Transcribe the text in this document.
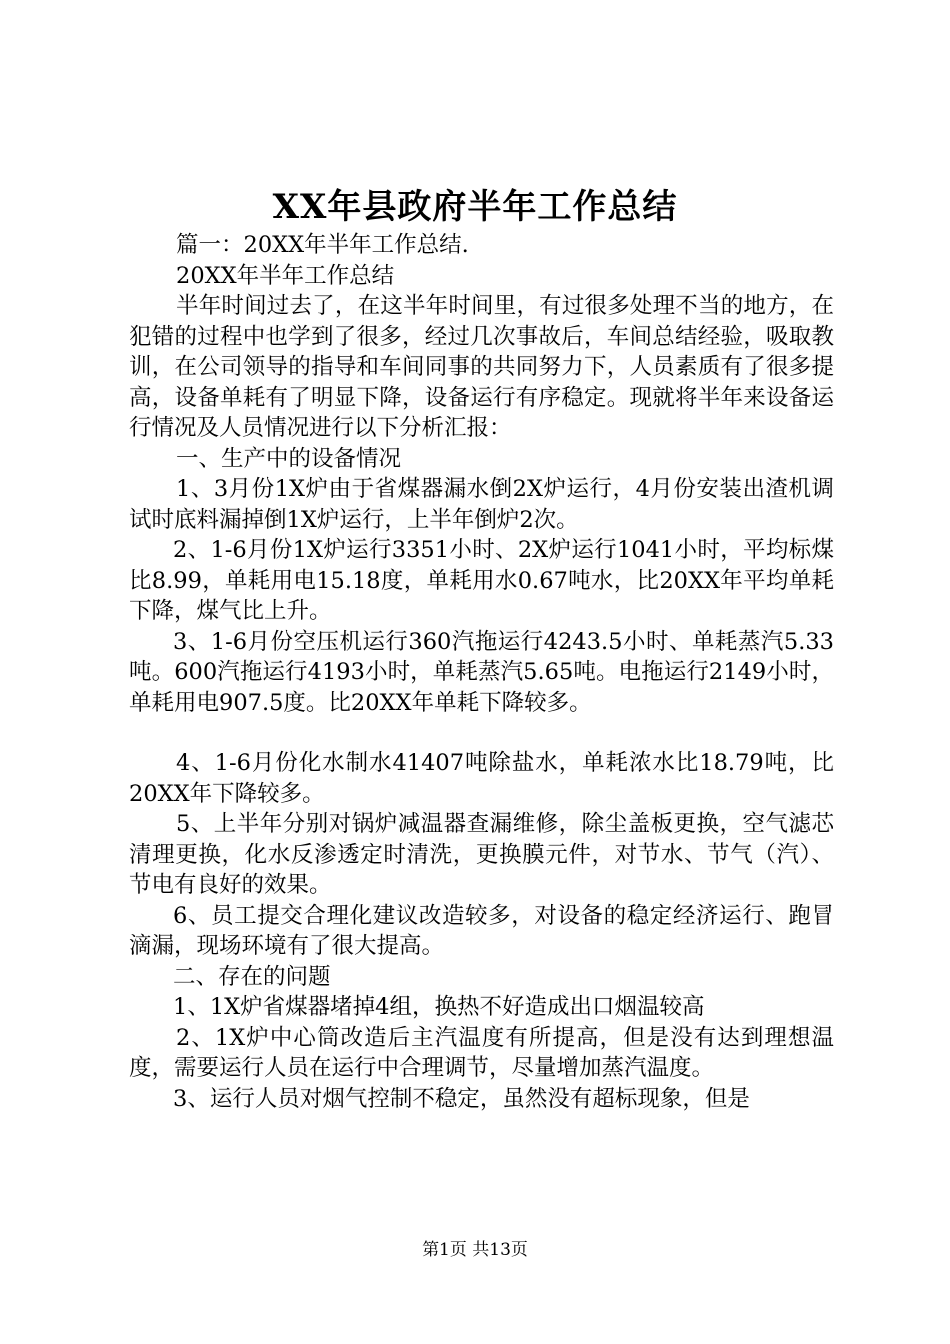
XX年县政府半年工作总结

篇一：20XX年半年工作总结.

20XX年半年工作总结

半年时间过去了，在这半年时间里，有过很多处理不当的地方，在犯错的过程中也学到了很多，经过几次事故后，车间总结经验，吸取教训，在公司领导的指导和车间同事的共同努力下，人员素质有了很多提高，设备单耗有了明显下降，设备运行有序稳定。现就将半年来设备运行情况及人员情况进行以下分析汇报：

一、生产中的设备情况

1、3月份1X炉由于省煤器漏水倒2X炉运行，4月份安装出渣机调试时底料漏掉倒1X炉运行，上半年倒炉2次。

2、1-6月份1X炉运行3351小时、2X炉运行1041小时，平均标煤比8.99，单耗用电15.18度，单耗用水0.67吨水，比20XX年平均单耗下降，煤气比上升。

3、1-6月份空压机运行360汽拖运行4243.5小时、单耗蒸汽5.33吨。600汽拖运行4193小时，单耗蒸汽5.65吨。电拖运行2149小时，单耗用电907.5度。比20XX年单耗下降较多。

4、1-6月份化水制水41407吨除盐水，单耗浓水比18.79吨，比20XX年下降较多。

5、上半年分别对锅炉减温器查漏维修，除尘盖板更换，空气滤芯清理更换，化水反渗透定时清洗，更换膜元件，对节水、节气（汽）、节电有良好的效果。

6、员工提交合理化建议改造较多，对设备的稳定经济运行、跑冒滴漏，现场环境有了很大提高。

二、存在的问题

1、1X炉省煤器堵掉4组，换热不好造成出口烟温较高

2、1X炉中心筒改造后主汽温度有所提高，但是没有达到理想温度，需要运行人员在运行中合理调节，尽量增加蒸汽温度。

3、运行人员对烟气控制不稳定，虽然没有超标现象，但是

第1页 共13页
